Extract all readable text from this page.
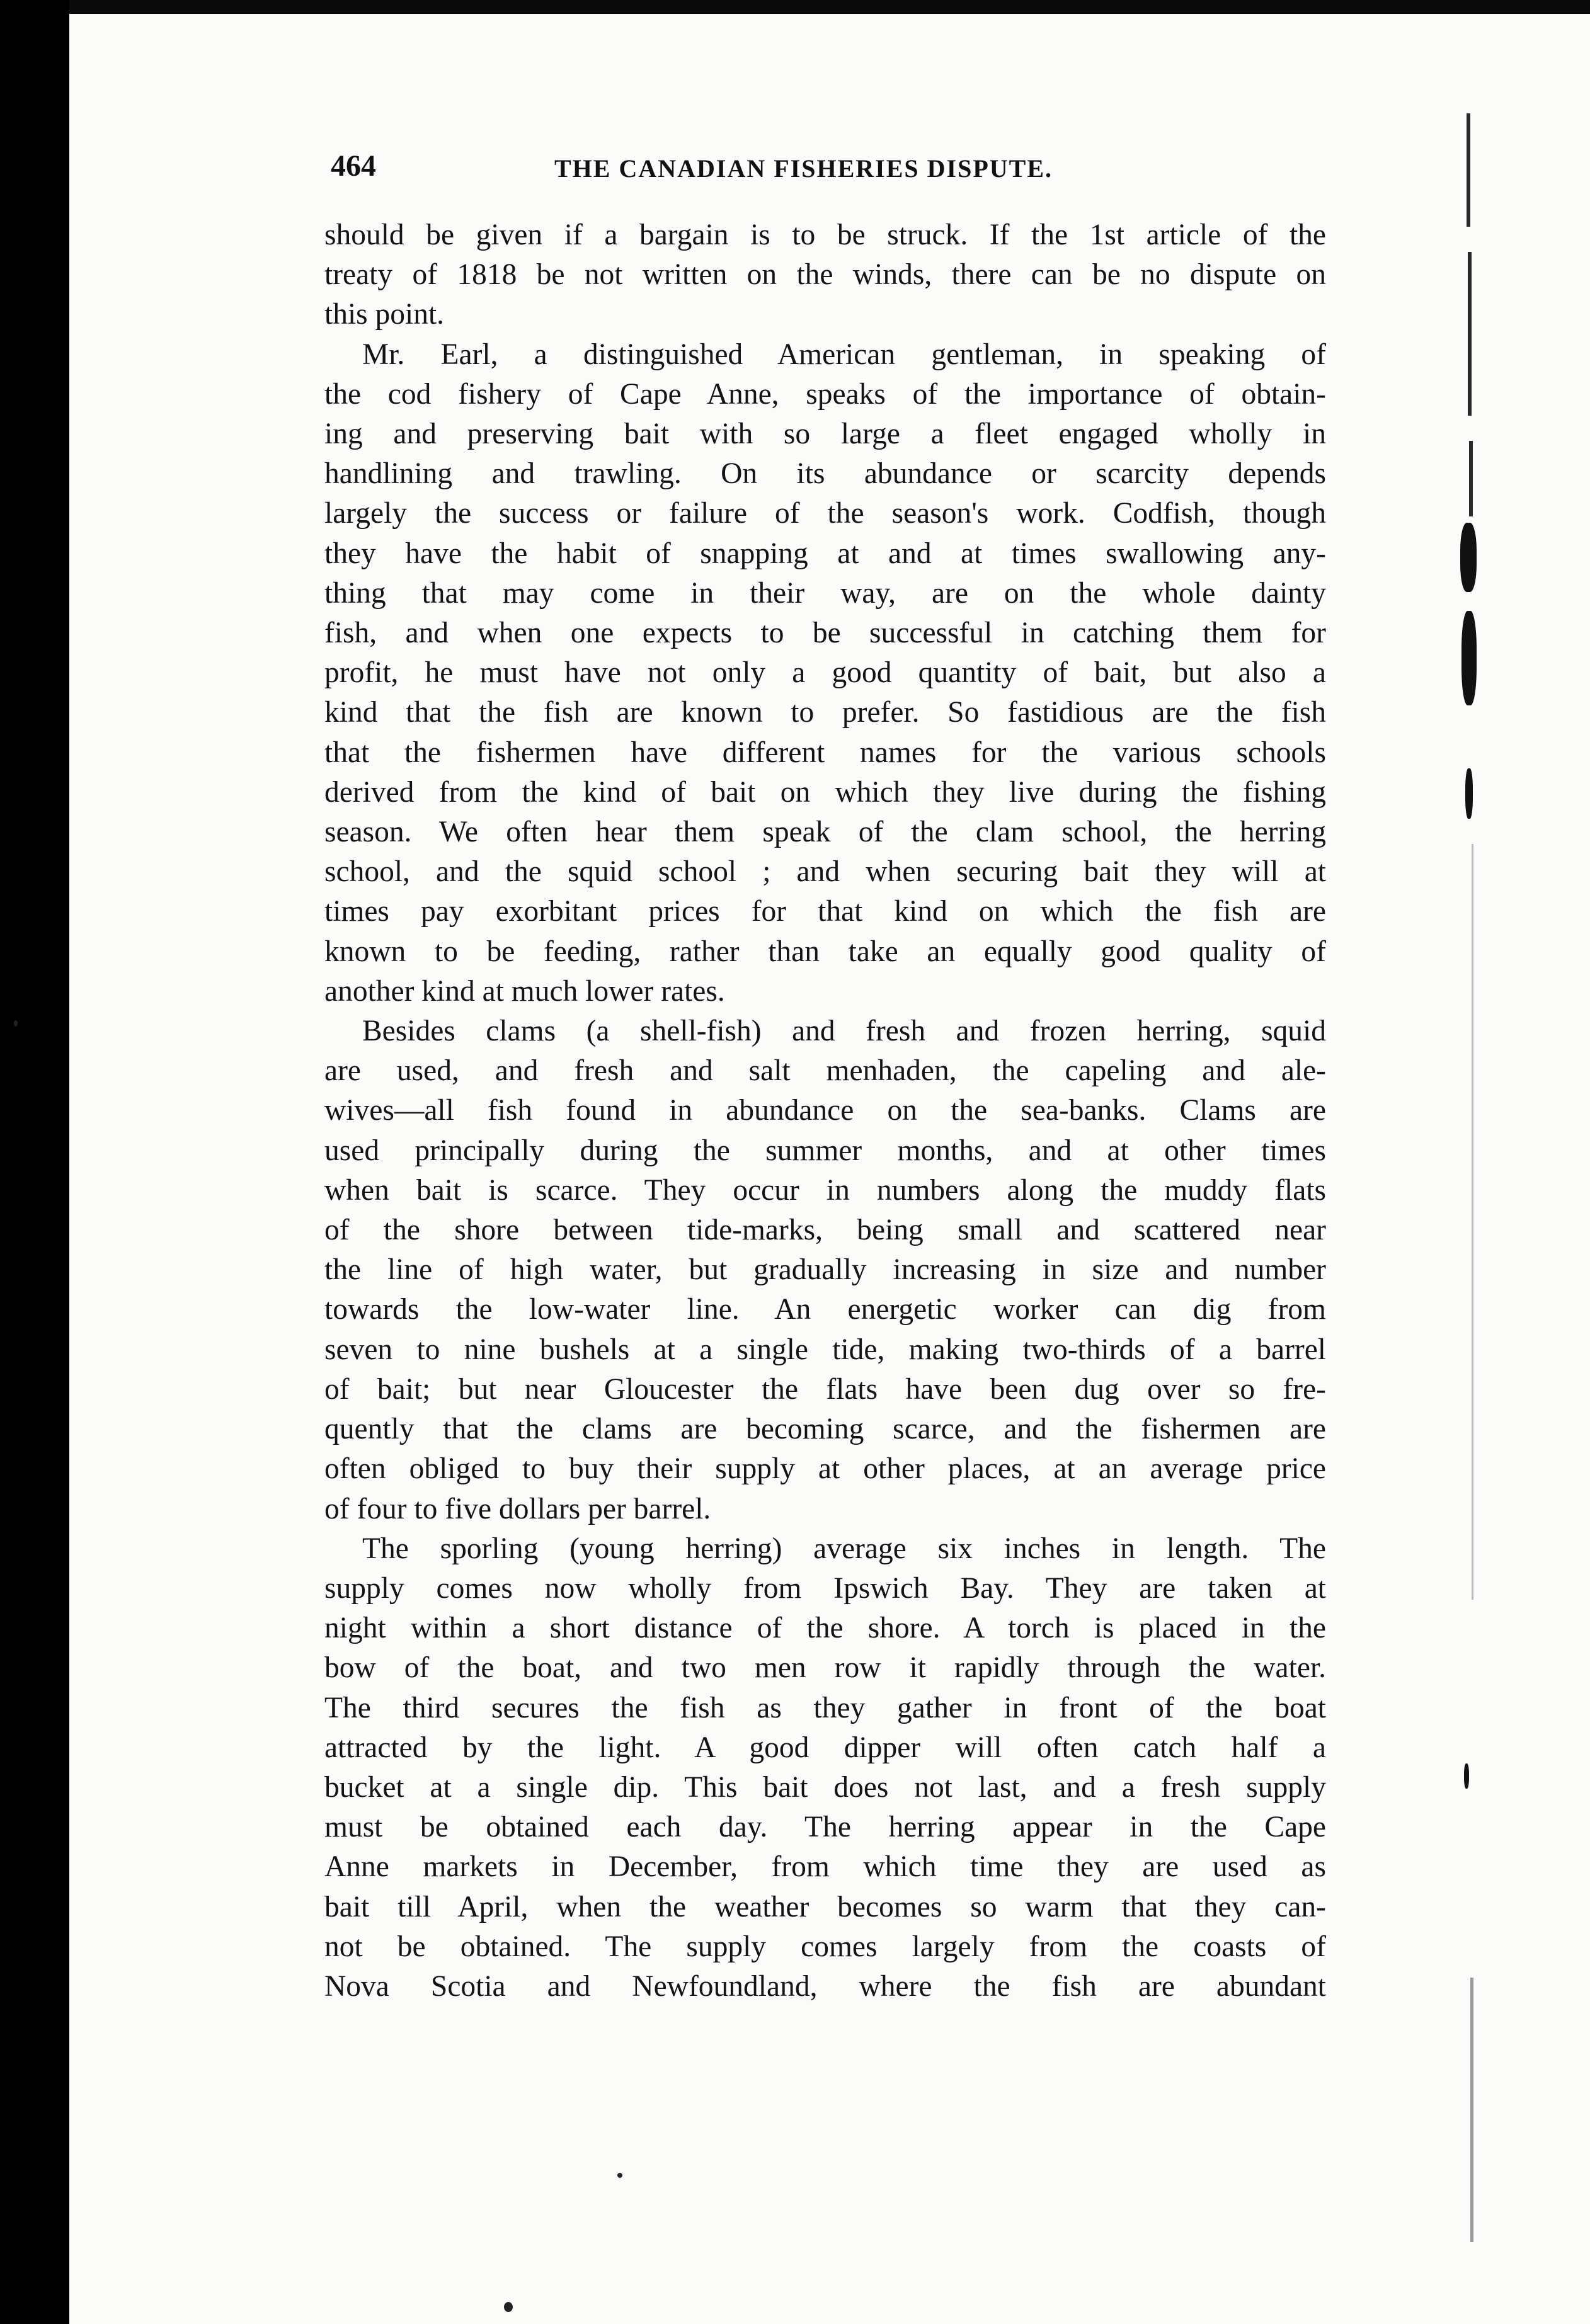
464	THE CANADIAN FISHERIES DISPUTE.

should be given if a bargain is to be struck. If the 1st article of the
treaty of 1818 be not written on the winds, there can be no dispute on
this point.

Mr. Earl, a distinguished American gentleman, in speaking of
the cod fishery of Cape Anne, speaks of the importance of obtain-
ing and preserving bait with so large a fleet engaged wholly in
handlining and trawling. On its abundance or scarcity depends
largely the success or failure of the season's work. Codfish, though
they have the habit of snapping at and at times swallowing any-
thing that may come in their way, are on the whole dainty
fish, and when one expects to be successful in catching them for
profit, he must have not only a good quantity of bait, but also a
kind that the fish are known to prefer. So fastidious are the fish
that the fishermen have different names for the various schools
derived from the kind of bait on which they live during the fishing
season. We often hear them speak of the clam school, the herring
school, and the squid school ; and when securing bait they will at
times pay exorbitant prices for that kind on which the fish are
known to be feeding, rather than take an equally good quality of
another kind at much lower rates.

Besides clams (a shell-fish) and fresh and frozen herring, squid
are used, and fresh and salt menhaden, the capeling and ale-
wives—all fish found in abundance on the sea-banks. Clams are
used principally during the summer months, and at other times
when bait is scarce. They occur in numbers along the muddy flats
of the shore between tide-marks, being small and scattered near
the line of high water, but gradually increasing in size and number
towards the low-water line. An energetic worker can dig from
seven to nine bushels at a single tide, making two-thirds of a barrel
of bait; but near Gloucester the flats have been dug over so fre-
quently that the clams are becoming scarce, and the fishermen are
often obliged to buy their supply at other places, at an average price
of four to five dollars per barrel.

The sporling (young herring) average six inches in length. The
supply comes now wholly from Ipswich Bay. They are taken at
night within a short distance of the shore. A torch is placed in the
bow of the boat, and two men row it rapidly through the water.
The third secures the fish as they gather in front of the boat
attracted by the light. A good dipper will often catch half a
bucket at a single dip. This bait does not last, and a fresh supply
must be obtained each day. The herring appear in the Cape
Anne markets in December, from which time they are used as
bait till April, when the weather becomes so warm that they can-
not be obtained. The supply comes largely from the coasts of
Nova Scotia and Newfoundland, where the fish are abundant
